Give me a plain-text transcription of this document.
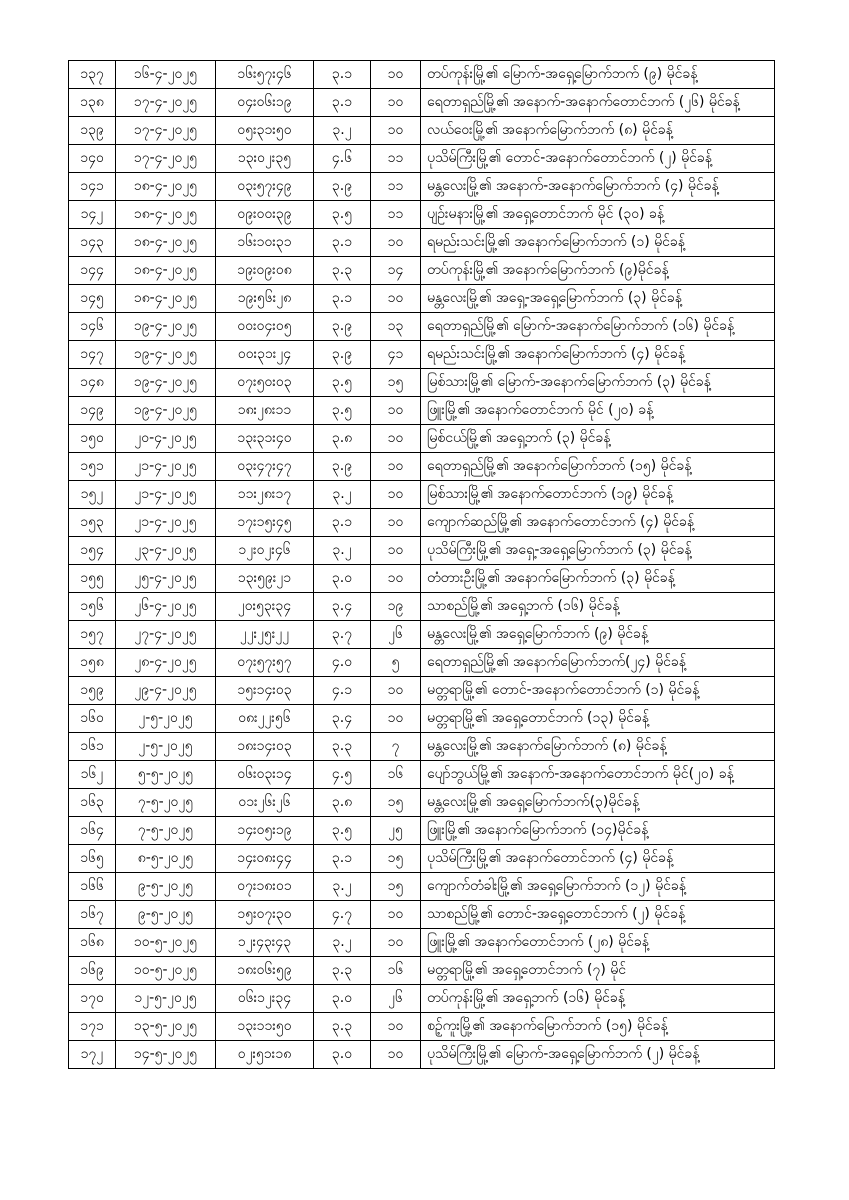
၁၃၇	၁၆-၄-၂၀၂၅	၁၆း၅၇း၄၆	၃.၁	၁၀	တပ်ကုန်းမြို့၏ မြောက်-အရှေ့မြောက်ဘက် (၉) မိုင်ခန့်
၁၃၈	၁၇-၄-၂၀၂၅	၀၄း၀၆း၁၉	၃.၁	၁၀	ရေတာရှည်မြို့၏ အနောက်-အနောက်တောင်ဘက် (၂၆) မိုင်ခန့်
၁၃၉	၁၇-၄-၂၀၂၅	၀၅း၃၁း၅၀	၃.၂	၁၀	လယ်ဝေးမြို့၏ အနောက်မြောက်ဘက် (၈) မိုင်ခန့်
၁၄၀	၁၇-၄-၂၀၂၅	၁၃း၀၂း၃၅	၄.၆	၁၁	ပုသိမ်ကြီးမြို့၏ တောင်-အနောက်တောင်ဘက် (၂) မိုင်ခန့်
၁၄၁	၁၈-၄-၂၀၂၅	၀၃း၅၇း၄၉	၃.၉	၁၁	မန္တလေးမြို့၏ အနောက်-အနောက်မြောက်ဘက် (၄) မိုင်ခန့်
၁၄၂	၁၈-၄-၂၀၂၅	၀၉း၀၀း၃၉	၃.၅	၁၁	ပျဉ်းမနားမြို့၏ အရှေ့တောင်ဘက် မိုင် (၃၀) ခန့်
၁၄၃	၁၈-၄-၂၀၂၅	၁၆း၁၀း၃၁	၃.၁	၁၀	ရမည်းသင်းမြို့၏ အနောက်မြောက်ဘက် (၁) မိုင်ခန့်
၁၄၄	၁၈-၄-၂၀၂၅	၁၉း၀၉း၀၈	၃.၃	၁၄	တပ်ကုန်းမြို့၏ အနောက်မြောက်ဘက် (၉)မိုင်ခန့်
၁၄၅	၁၈-၄-၂၀၂၅	၁၉း၅၆း၂၈	၃.၁	၁၀	မန္တလေးမြို့၏ အရှေ့-အရှေ့မြောက်ဘက် (၃) မိုင်ခန့်
၁၄၆	၁၉-၄-၂၀၂၅	၀၀း၀၄း၀၅	၃.၉	၁၃	ရေတာရှည်မြို့၏ မြောက်-အနောက်မြောက်ဘက် (၁၆) မိုင်ခန့်
၁၄၇	၁၉-၄-၂၀၂၅	၀၀း၃၁း၂၄	၃.၉	၄၁	ရမည်းသင်းမြို့၏ အနောက်မြောက်ဘက် (၄) မိုင်ခန့်
၁၄၈	၁၉-၄-၂၀၂၅	၀၇း၅၀း၀၃	၃.၅	၁၅	မြစ်သားမြို့၏ မြောက်-အနောက်မြောက်ဘက် (၃) မိုင်ခန့်
၁၄၉	၁၉-၄-၂၀၂၅	၁၈း၂၈း၁၁	၃.၅	၁၀	ဖြူးမြို့၏ အနောက်တောင်ဘက် မိုင် (၂၀) ခန့်
၁၅၀	၂၀-၄-၂၀၂၅	၁၃း၃၁း၄၀	၃.၈	၁၀	မြစ်ငယ်မြို့၏ အရှေ့ဘက် (၃) မိုင်ခန့်
၁၅၁	၂၁-၄-၂၀၂၅	၀၃း၄၇း၄၇	၃.၉	၁၀	ရေတာရှည်မြို့၏ အနောက်မြောက်ဘက် (၁၅) မိုင်ခန့်
၁၅၂	၂၁-၄-၂၀၂၅	၁၁း၂၈း၁၇	၃.၂	၁၀	မြစ်သားမြို့၏ အနောက်တောင်ဘက် (၁၉) မိုင်ခန့်
၁၅၃	၂၁-၄-၂၀၂၅	၁၇း၁၅း၄၅	၃.၁	၁၀	ကျောက်ဆည်မြို့၏ အနောက်တောင်ဘက် (၄) မိုင်ခန့်
၁၅၄	၂၃-၄-၂၀၂၅	၁၂း၀၂း၄၆	၃.၂	၁၀	ပုသိမ်ကြီးမြို့၏ အရှေ့-အရှေ့မြောက်ဘက် (၃) မိုင်ခန့်
၁၅၅	၂၅-၄-၂၀၂၅	၁၃း၅၉း၂၁	၃.၀	၁၀	တံတားဦးမြို့၏ အနောက်မြောက်ဘက် (၃) မိုင်ခန့်
၁၅၆	၂၆-၄-၂၀၂၅	၂၀း၅၃း၃၄	၃.၄	၁၉	သာစည်မြို့၏ အရှေ့ဘက် (၁၆) မိုင်ခန့်
၁၅၇	၂၇-၄-၂၀၂၅	၂၂း၂၅း၂၂	၃.၇	၂၆	မန္တလေးမြို့၏ အရှေ့မြောက်ဘက် (၉) မိုင်ခန့်
၁၅၈	၂၈-၄-၂၀၂၅	၀၇း၅၇း၅၇	၄.၀	၅	ရေတာရှည်မြို့၏ အနောက်မြောက်ဘက်(၂၄) မိုင်ခန့်
၁၅၉	၂၉-၄-၂၀၂၅	၁၅း၁၄း၀၃	၄.၁	၁၀	မတ္တရာမြို့၏ တောင်-အနောက်တောင်ဘက် (၁) မိုင်ခန့်
၁၆၀	၂-၅-၂၀၂၅	၀၈း၂၂း၅၆	၃.၄	၁၀	မတ္တရာမြို့၏ အရှေ့တောင်ဘက် (၁၃) မိုင်ခန့်
၁၆၁	၂-၅-၂၀၂၅	၁၈း၁၄း၀၃	၃.၃	၇	မန္တလေးမြို့၏ အနောက်မြောက်ဘက် (၈) မိုင်ခန့်
၁၆၂	၅-၅-၂၀၂၅	၀၆း၀၃း၁၄	၄.၅	၁၆	ပျော်ဘွယ်မြို့၏ အနောက်-အနောက်တောင်ဘက် မိုင်(၂၀) ခန့်
၁၆၃	၇-၅-၂၀၂၅	၀၁း၂၆း၂၆	၃.၈	၁၅	မန္တလေးမြို့၏ အရှေ့မြောက်ဘက်(၃)မိုင်ခန့်
၁၆၄	၇-၅-၂၀၂၅	၁၄း၀၅း၁၉	၃.၅	၂၅	ဖြူးမြို့၏ အနောက်မြောက်ဘက် (၁၄)မိုင်ခန့်
၁၆၅	၈-၅-၂၀၂၅	၁၄း၀၈း၄၄	၃.၁	၁၅	ပုသိမ်ကြီးမြို့၏ အနောက်တောင်ဘက် (၄) မိုင်ခန့်
၁၆၆	၉-၅-၂၀၂၅	၀၇း၁၈း၀၁	၃.၂	၁၅	ကျောက်တံခါးမြို့၏ အရှေ့မြောက်ဘက် (၁၂) မိုင်ခန့်
၁၆၇	၉-၅-၂၀၂၅	၁၅း၀၇း၃၀	၄.၇	၁၀	သာစည်မြို့၏ တောင်-အရှေ့တောင်ဘက် (၂) မိုင်ခန့်
၁၆၈	၁၀-၅-၂၀၂၅	၁၂း၄၃း၄၃	၃.၂	၁၀	ဖြူးမြို့၏ အနောက်တောင်ဘက် (၂၈) မိုင်ခန့်
၁၆၉	၁၀-၅-၂၀၂၅	၁၈း၀၆း၅၉	၃.၃	၁၆	မတ္တရာမြို့၏ အရှေ့တောင်ဘက် (၇) မိုင်
၁၇၀	၁၂-၅-၂၀၂၅	၀၆း၁၂း၃၄	၃.၀	၂၆	တပ်ကုန်းမြို့၏ အရှေ့ဘက် (၁၆) မိုင်ခန့်
၁၇၁	၁၃-၅-၂၀၂၅	၁၃း၁၁း၅၀	၃.၃	၁၀	စဉ့်ကူးမြို့၏ အနောက်မြောက်ဘက် (၁၅) မိုင်ခန့်
၁၇၂	၁၄-၅-၂၀၂၅	၀၂း၅၁း၁၈	၃.၀	၁၀	ပုသိမ်ကြီးမြို့၏ မြောက်-အရှေ့မြောက်ဘက် (၂) မိုင်ခန့်
